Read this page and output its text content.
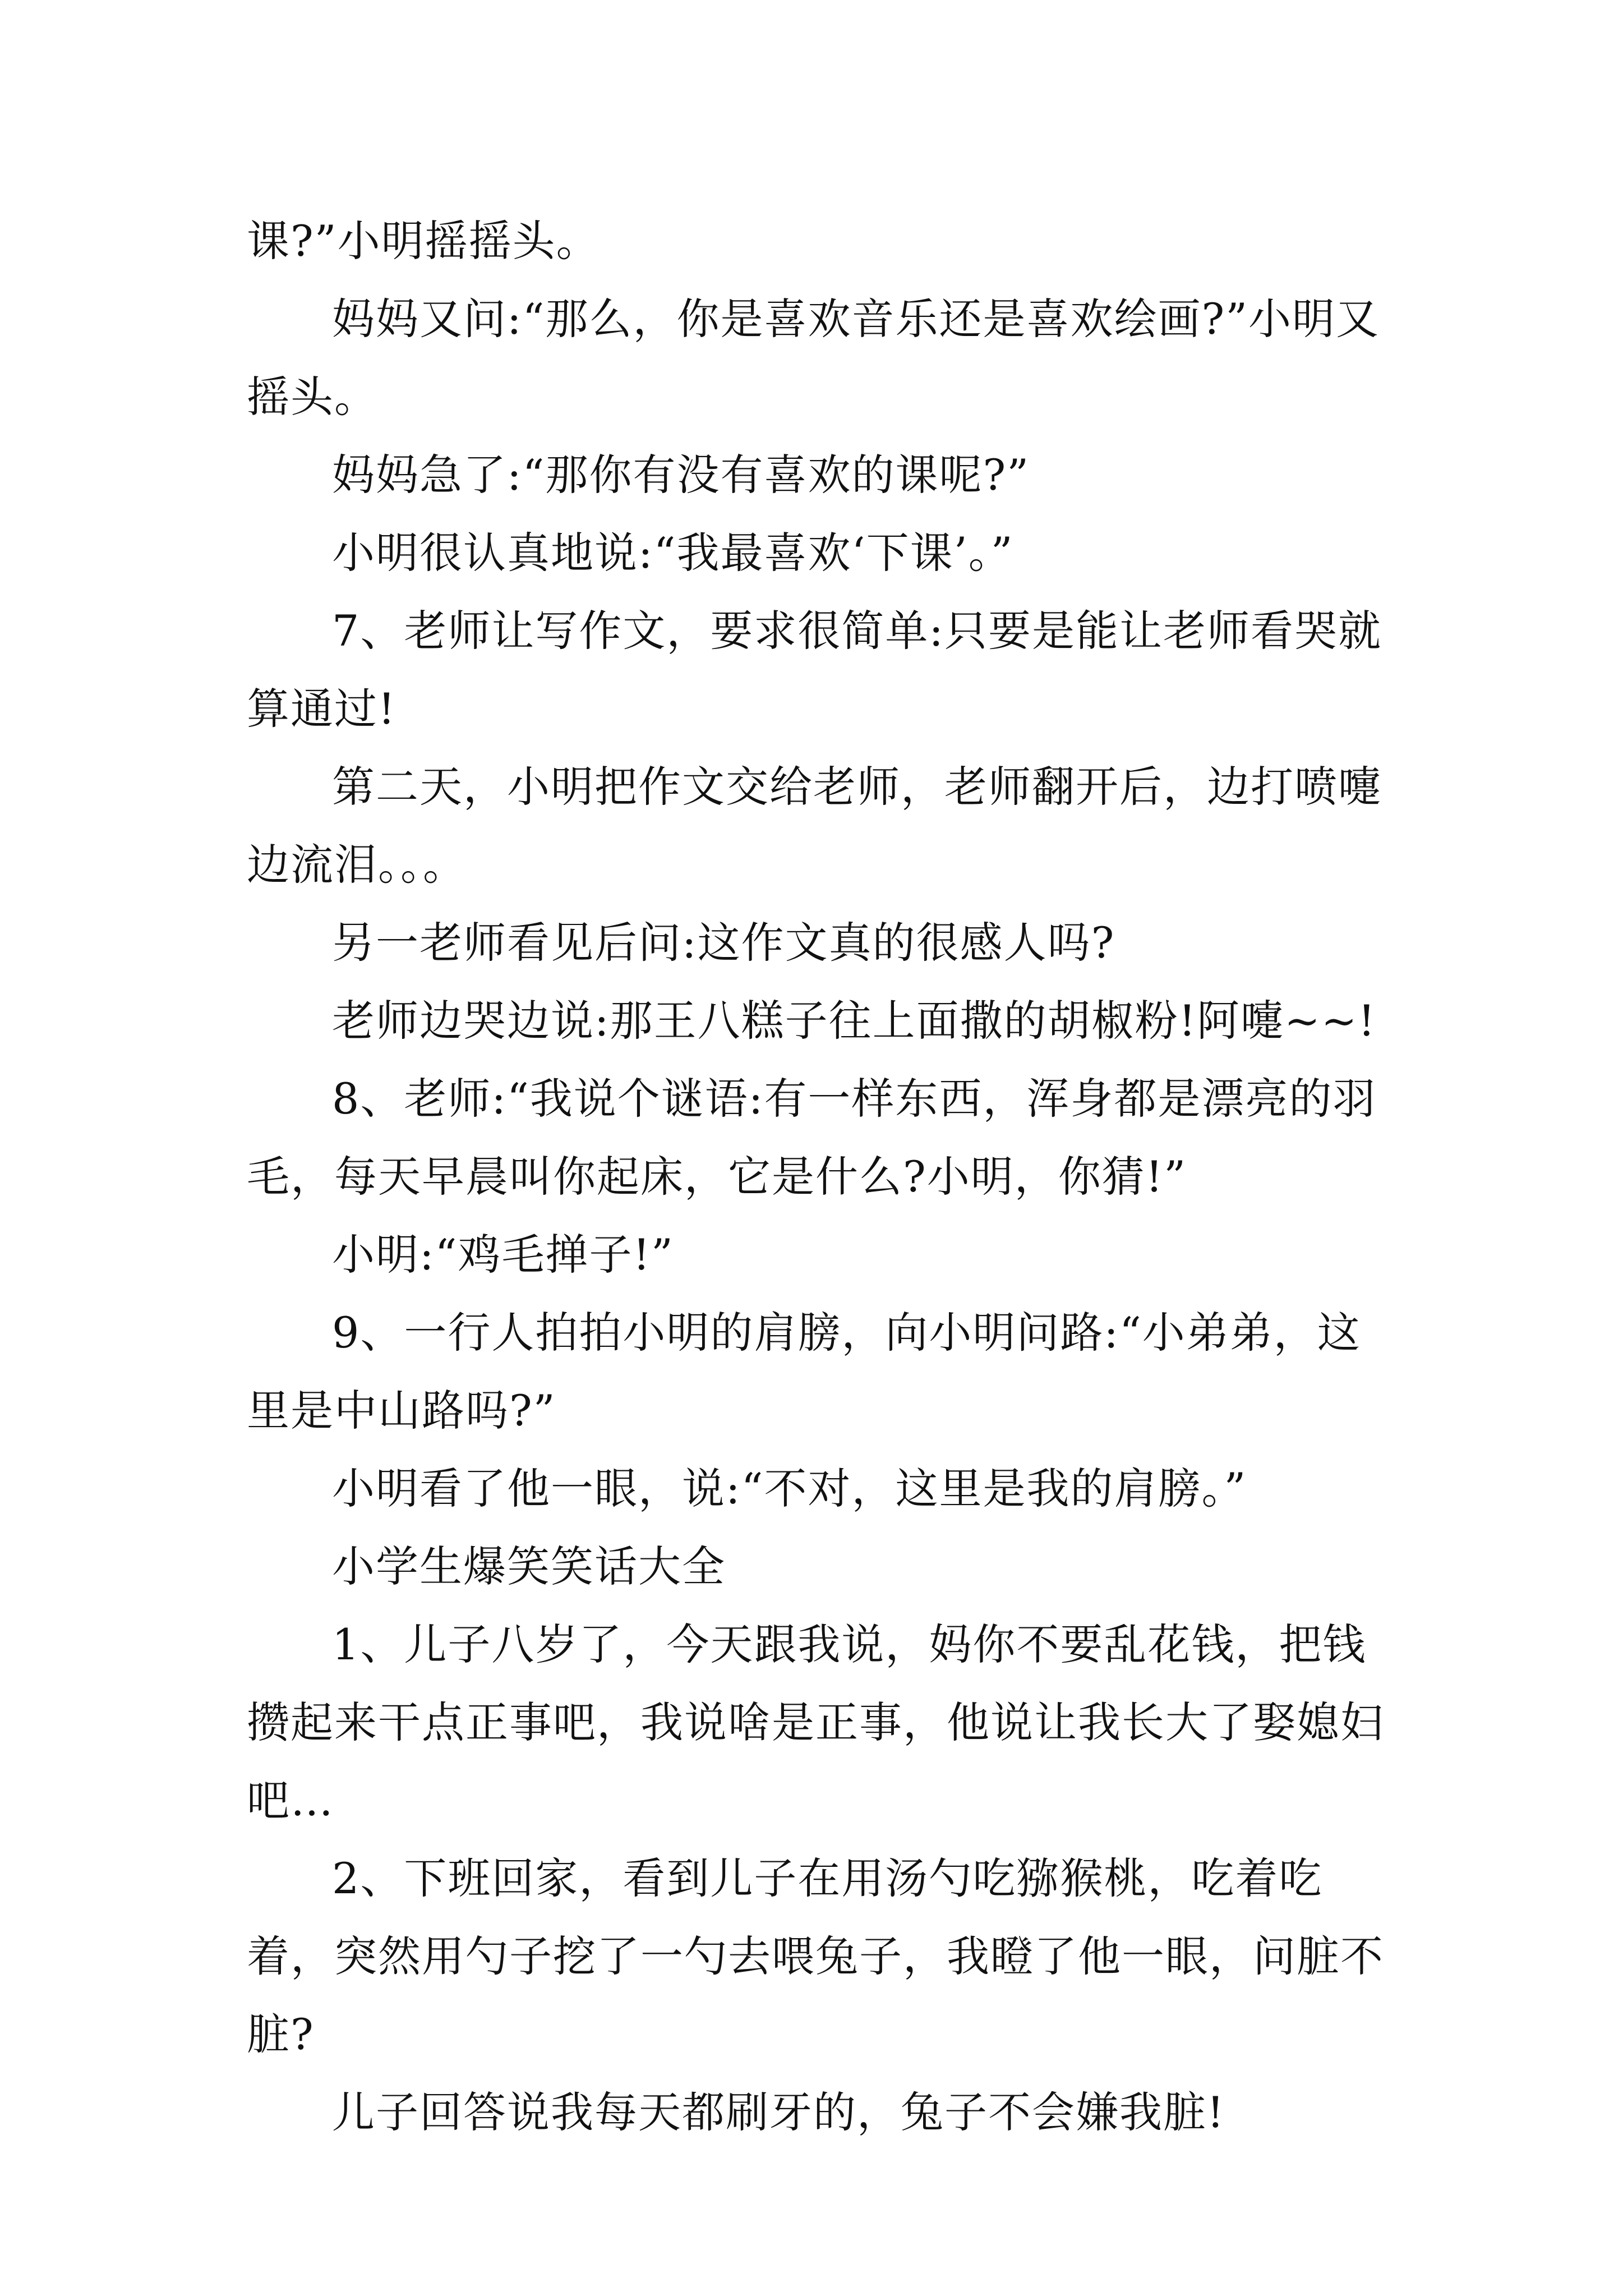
课?”小明摇摇头。

妈妈又问:“那么，你是喜欢音乐还是喜欢绘画?”小明又摇头。

妈妈急了:“那你有没有喜欢的课呢?”

小明很认真地说:“我最喜欢‘下课’。”

7、老师让写作文，要求很简单:只要是能让老师看哭就算通过!

第二天，小明把作文交给老师，老师翻开后，边打喷嚏边流泪。。。

另一老师看见后问:这作文真的很感人吗?

老师边哭边说:那王八糕子往上面撒的胡椒粉!阿嚏~~!

8、老师:“我说个谜语:有一样东西，浑身都是漂亮的羽毛，每天早晨叫你起床，它是什么?小明，你猜!”

小明:“鸡毛掸子!”

9、一行人拍拍小明的肩膀，向小明问路:“小弟弟，这里是中山路吗?”

小明看了他一眼，说:“不对，这里是我的肩膀。”

小学生爆笑笑话大全

1、儿子八岁了，今天跟我说，妈你不要乱花钱，把钱攒起来干点正事吧，我说啥是正事，他说让我长大了娶媳妇吧…

2、下班回家，看到儿子在用汤勺吃猕猴桃，吃着吃着，突然用勺子挖了一勺去喂兔子，我瞪了他一眼，问脏不脏?

儿子回答说我每天都刷牙的，兔子不会嫌我脏!
